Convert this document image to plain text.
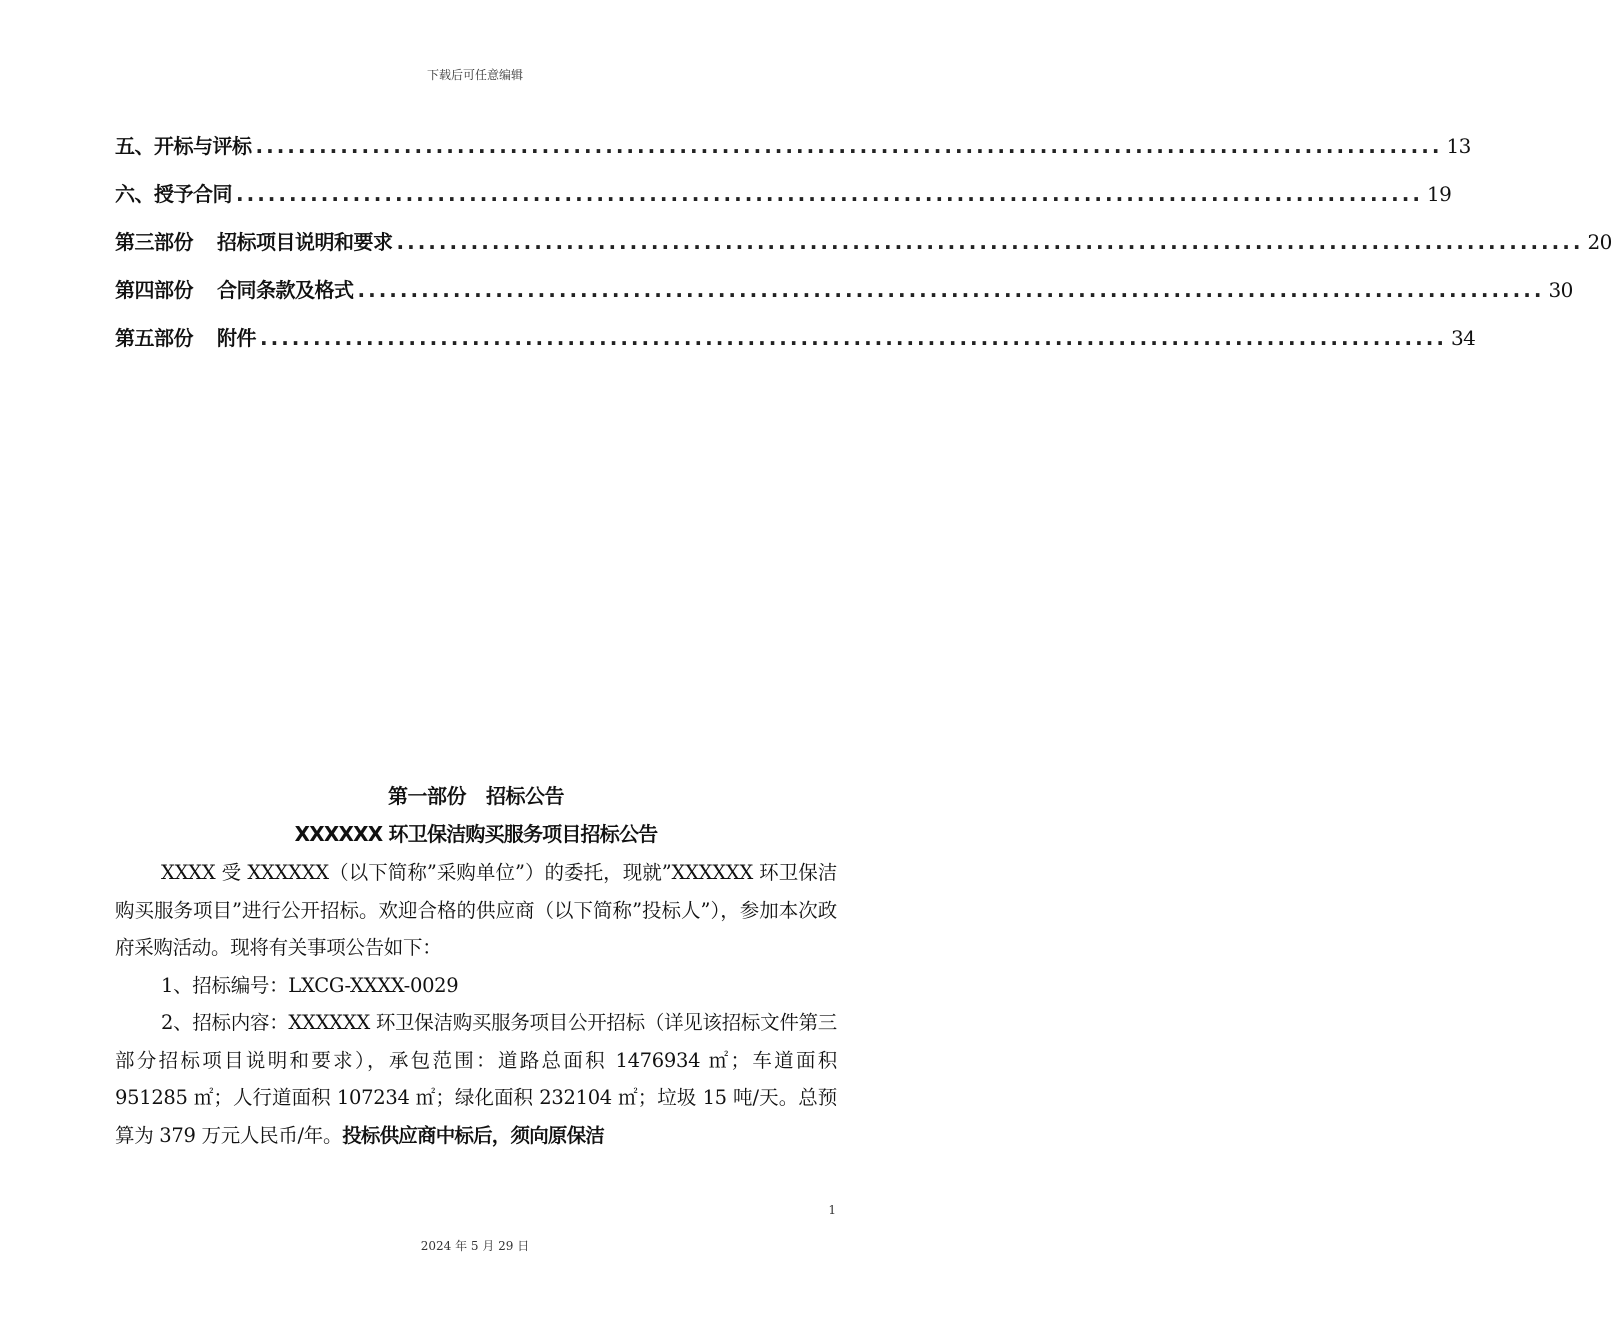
下载后可任意编辑
五、开标与评标 ................................................................................................................ 13
六、授予合同 ................................................................................................................ 19
第三部份 招标项目说明和要求 ................................................................................................................ 20
第四部份 合同条款及格式 ................................................................................................................ 30
第五部份 附件 ................................................................................................................ 34
第一部份 招标公告
XXXXXX 环卫保洁购买服务项目招标公告
XXXX 受 XXXXXX（以下简称”采购单位”）的委托，现就”XXXXXX 环卫保洁购买服务项目”进行公开招标。欢迎合格的供应商（以下简称”投标人”），参加本次政府采购活动。现将有关事项公告如下：
1、招标编号：LXCG-XXXX-0029
2、招标内容：XXXXXX 环卫保洁购买服务项目公开招标（详见该招标文件第三部分招标项目说明和要求），承包范围：道路总面积 1476934 ㎡；车道面积 951285 ㎡；人行道面积 107234 ㎡；绿化面积 232104 ㎡；垃圾 15 吨/天。总预算为 379 万元人民币/年。投标供应商中标后，须向原保洁
1
2024 年 5 月 29 日
